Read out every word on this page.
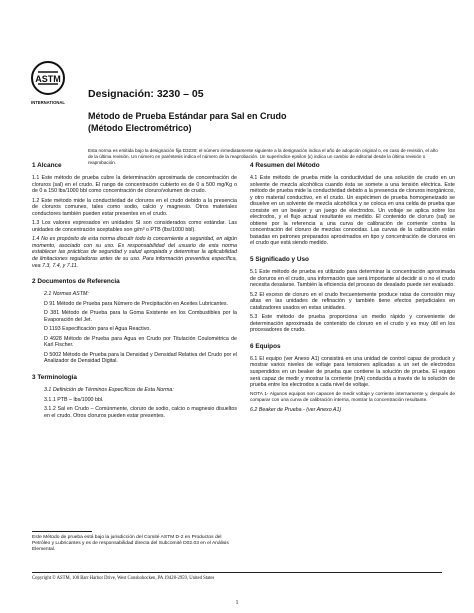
ASTM
INTERNATIONAL
Designación: 3230 – 05
Método de Prueba Estándar para Sal en Crudo
(Método Electrométrico)
Esta norma es emitida bajo la designación fija D3230; el número inmediatamente siguiente a la designación indica el año de adopción original o, en caso de revisión, el año de la última revisión. Un número en paréntesis indica el número de la reaprobación. Un superíndice epsilon (ε) indica un cambio de editorial desde la última revisión o reaprobación.
1 Alcance

1.1 Este método de prueba cubre la determinación aproximada de concentración de cloruros (sal) en el crudo. El rango de concentración cubierto es de 0 a 500 mg/Kg o de 0 a 150 lbs/1000 bbl como concentración de cloruro/volumen de crudo.

1.2 Este método mide la conductividad de cloruros en el crudo debido a la presencia de cloruros comunes, tales como sodio, calcio y magnesio. Otros materiales conductores también pueden estar presentes en el crudo.

1.3 Los valores expresados en unidades SI son considerados como estándar. Las unidades de concentración aceptables son g/m³ o PTB (lbs/1000 bbl).

1.4 No es propósito de esta norma discutir todo lo concerniente a seguridad, en algún momento, asociado con su uso. Es responsabilidad del usuario de esta norma establecer las prácticas de seguridad y salud apropiada y determinar la aplicabilidad de limitaciones reguladoras antes de su uso. Para información preventiva específica, vea 7.3, 7.4, y 7.11.

2 Documentos de Referencia

2.1 Normas ASTM:

D 91 Método de Prueba para Número de Precipitación en Aceites Lubricantes.

D 381 Método de Prueba para la Goma Existente en los Combustibles por la Evaporación del Jet.

D 1193 Especificación para el Agua Reactivo.

D 4928 Método de Prueba para Agua en Crudo por Titulación Coulométrica de Karl Fischer.

D 5002 Método de Prueba para la Densidad y Densidad Relativa del Crudo por el Analizador de Densidad Digital.

3 Terminología

3.1 Definición de Términos Específicos de Esta Norma:

3.1.1 PTB – lbs/1000 bbl.

3.1.2 Sal en Crudo – Comúnmente, cloruro de sodio, calcio o magnesio disueltos en el crudo. Otros cloruros pueden estar presentes.

4 Resumen del Método

4.1 Este método de prueba mide la conductividad de una solución de crudo en un solvente de mezcla alcohólica cuando ésta se somete a una tensión eléctrica. Este método de prueba mide la conductividad debido a la presencia de cloruros inorgánicos, y otro material conductivo, en el crudo. Un espécimen de prueba homogeneizado se disuelve en un solvente de mezcla alcohólica y se coloca en una celda de prueba que consiste en un beaker y un juego de electrodos. Un voltaje se aplica sobre los electrodos, y el flujo actual resultante es medido. El contenido de cloruro (sal) se obtiene por la referencia a una curva de calibración de corriente contra la concentración del cloruro de mezclas conocidas. Las curvas de la calibración están basadas en patrones preparados aproximados en tipo y concentración de cloruros en el crudo que está siendo medido.

5 Significado y Uso

5.1 Este método de prueba es utilizado para determinar la concentración aproximada de cloruros en el crudo, una información que será importante al decidir si o no el crudo necesita desalarse. También la eficiencia del proceso de desalado puede ser evaluado.

5.2 El exceso de cloruro en el crudo frecuentemente produce ratas de corrosión muy altas en las unidades de refinación y también tiene efectos perjudiciales en catalizadores usados en estas unidades.

5.3 Este método de prueba proporciona un medio rápido y conveniente de determinación aproximada de contenido de cloruro en el crudo y es muy útil en los procesadores de crudo.

6 Equipos

6.1 El equipo (ver Anexo A1) consistirá en una unidad de control capaz de producir y mostrar varios niveles de voltaje para tensiones aplicadas a un set de electrodos suspendidos en un beaker de prueba que contiene la solución de prueba. El equipo será capaz de medir y mostrar la corriente (mA) conducida a través de la solución de prueba entre los electrodos a cada nivel de voltaje.

NOTA 1- Algunos equipos son capaces de medir voltaje y corriente internamente y, después de comparar con una curva de calibración interna, mostrar la concentración resultante.

6.2 Beaker de Prueba - (ver Anexo A1)

Este Método de prueba está bajo la jurisdicción del Comité ASTM D-2 en Productos del Petróleo y Lubricantes y es de responsabilidad directa del Subcomité D02.03 en el Análisis Elemental.
Copyright © ASTM, 100 Barr Harbor Drive, West Conshohocken, PA 19428-2959, United States
1
